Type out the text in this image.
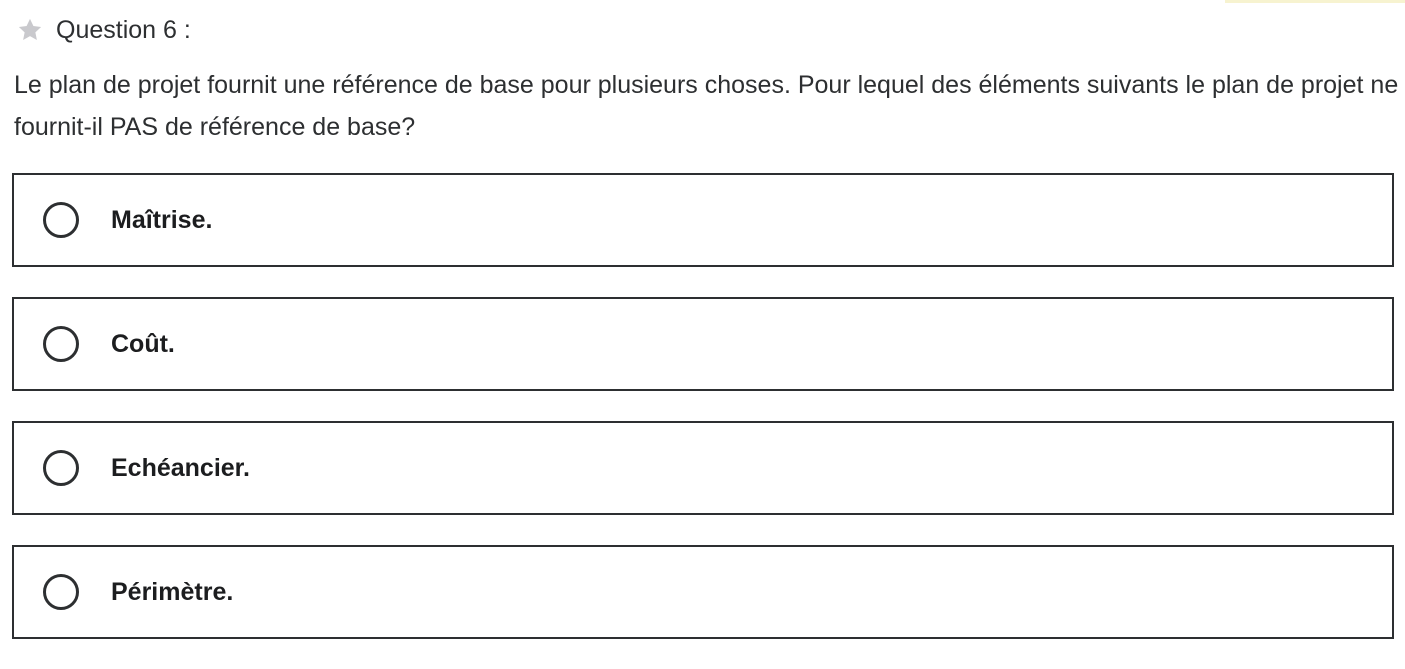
Question 6 :
Le plan de projet fournit une référence de base pour plusieurs choses. Pour lequel des éléments suivants le plan de projet ne fournit-il PAS de référence de base?
Maîtrise.
Coût.
Echéancier.
Périmètre.
